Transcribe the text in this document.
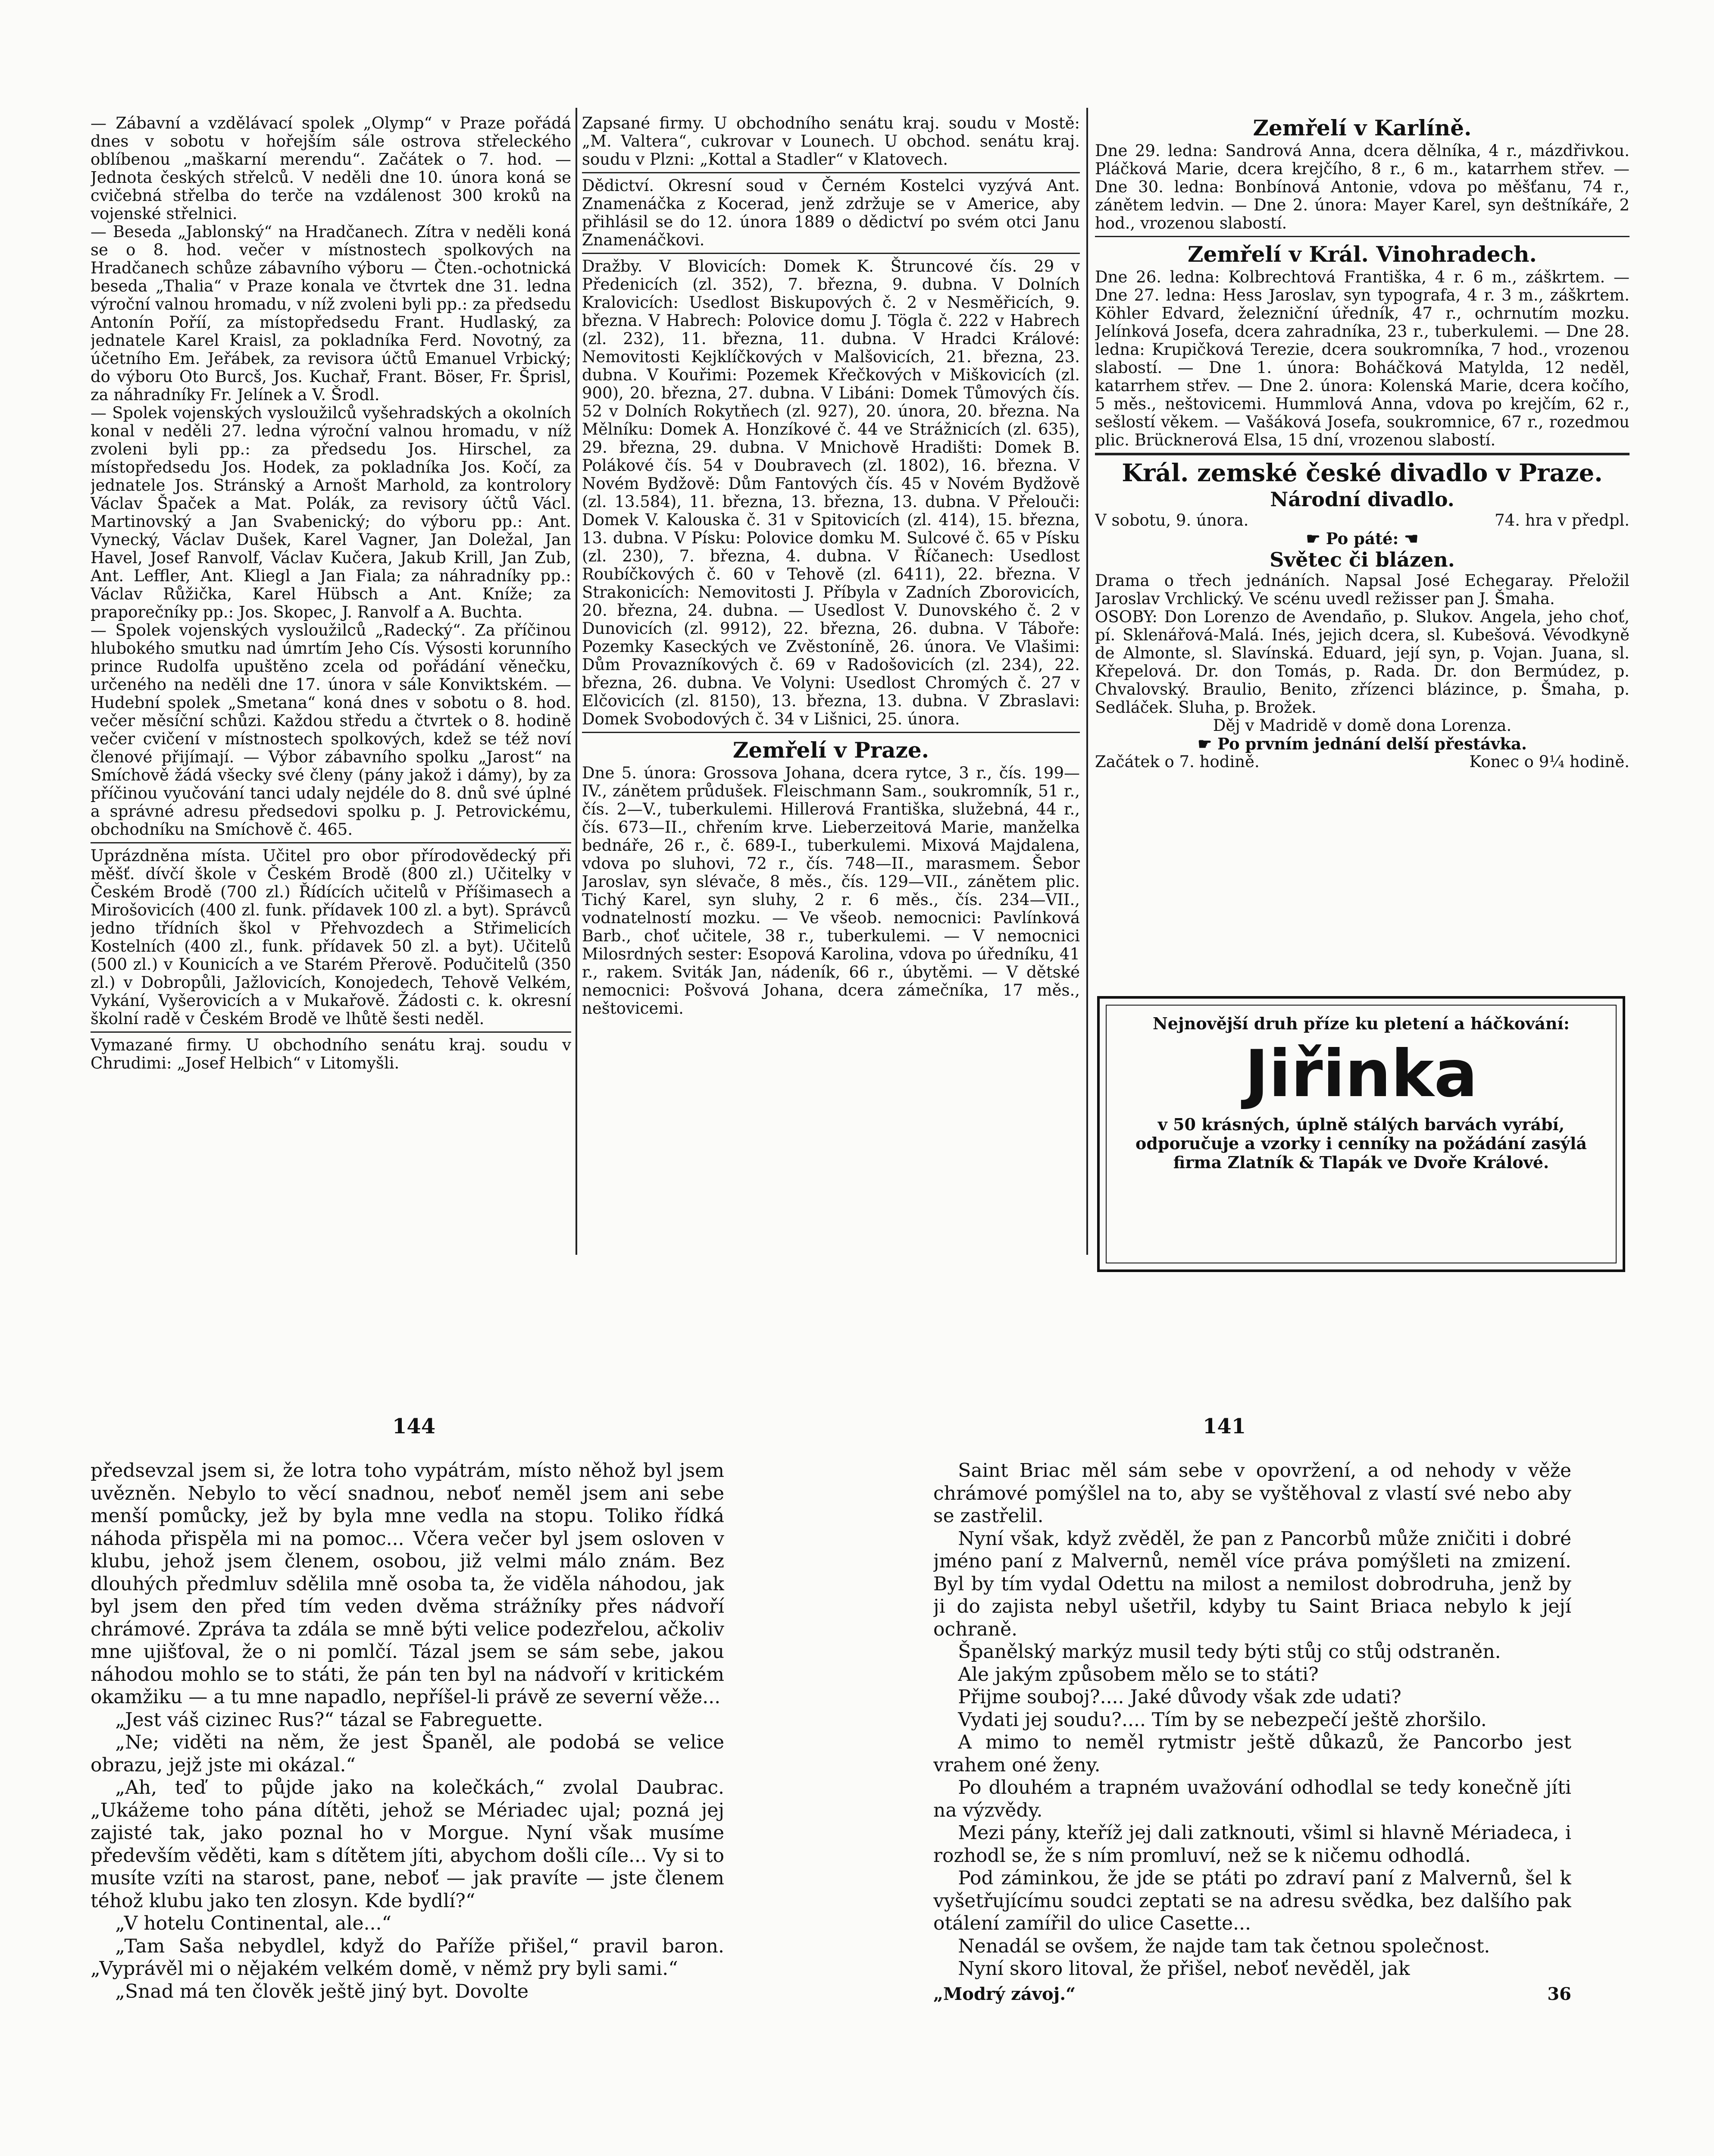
— Zábavní a vzdělávací spolek „Olymp“ v Praze pořádá dnes v sobotu v hořejším sále ostrova střeleckého oblíbenou „maškarní merendu“. Začátek o 7. hod. — Jednota českých střelců. V neděli dne 10. února koná se cvičebná střelba do terče na vzdálenost 300 kroků na vojenské střelnici.

— Beseda „Jablonský“ na Hradčanech. Zítra v neděli koná se o 8. hod. večer v místnostech spolkových na Hradčanech schůze zábavního výboru — Čten.-ochotnická beseda „Thalia“ v Praze konala ve čtvrtek dne 31. ledna výroční valnou hromadu, v níž zvoleni byli pp.: za předsedu Antonín Poříí, za místopředsedu Frant. Hudlaský, za jednatele Karel Kraisl, za pokladníka Ferd. Novotný, za účetního Em. Jeřábek, za revisora účtů Emanuel Vrbický; do výboru Oto Burcš, Jos. Kuchař, Frant. Böser, Fr. Šprisl, za náhradníky Fr. Jelínek a V. Šrodl.

— Spolek vojenských vysloužilců vyšehradských a okolních konal v neděli 27. ledna výroční valnou hromadu, v níž zvoleni byli pp.: za předsedu Jos. Hirschel, za místopředsedu Jos. Hodek, za pokladníka Jos. Kočí, za jednatele Jos. Stránský a Arnošt Marhold, za kontrolory Václav Špaček a Mat. Polák, za revisory účtů Václ. Martinovský a Jan Svabenický; do výboru pp.: Ant. Vynecký, Václav Dušek, Karel Vagner, Jan Doležal, Jan Havel, Josef Ranvolf, Václav Kučera, Jakub Krill, Jan Zub, Ant. Leffler, Ant. Kliegl a Jan Fiala; za náhradníky pp.: Václav Růžička, Karel Hübsch a Ant. Kníže; za praporečníky pp.: Jos. Skopec, J. Ranvolf a A. Buchta.

— Spolek vojenských vysloužilců „Radecký“. Za příčinou hlubokého smutku nad úmrtím Jeho Cís. Výsosti korunního prince Rudolfa upuštěno zcela od pořádání věnečku, určeného na neděli dne 17. února v sále Konviktském. — Hudební spolek „Smetana“ koná dnes v sobotu o 8. hod. večer měsíční schůzi. Každou středu a čtvrtek o 8. hodině večer cvičení v místnostech spolkových, kdež se též noví členové přijímají. — Výbor zábavního spolku „Jarost“ na Smíchově žádá všecky své členy (pány jakož i dámy), by za příčinou vyučování tanci udaly nejdéle do 8. dnů své úplné a správné adresu předsedovi spolku p. J. Petrovickému, obchodníku na Smíchově č. 465.

Uprázdněna místa. Učitel pro obor přírodovědecký při měšť. dívčí škole v Českém Brodě (800 zl.) Učitelky v Českém Brodě (700 zl.) Řídících učitelů v Příšimasech a Mirošovicích (400 zl. funk. přídavek 100 zl. a byt). Správců jedno třídních škol v Přehvozdech a Střimelicích Kostelních (400 zl., funk. přídavek 50 zl. a byt). Učitelů (500 zl.) v Kounicích a ve Starém Přerově. Podučitelů (350 zl.) v Dobropůli, Jažlovicích, Konojedech, Tehově Velkém, Vykání, Vyšerovicích a v Mukařově. Žádosti c. k. okresní školní radě v Českém Brodě ve lhůtě šesti neděl.

Vymazané firmy. U obchodního senátu kraj. soudu v Chrudimi: „Josef Helbich“ v Litomyšli.

Zapsané firmy. U obchodního senátu kraj. soudu v Mostě: „M. Valtera“, cukrovar v Lounech. U obchod. senátu kraj. soudu v Plzni: „Kottal a Stadler“ v Klatovech.

Dědictví. Okresní soud v Černém Kostelci vyzývá Ant. Znamenáčka z Kocerad, jenž zdržuje se v Americe, aby přihlásil se do 12. února 1889 o dědictví po svém otci Janu Znamenáčkovi.

Dražby. V Blovicích: Domek K. Štruncové čís. 29 v Předenicích (zl. 352), 7. března, 9. dubna. V Dolních Kralovicích: Usedlost Biskupových č. 2 v Nesměřicích, 9. března. V Habrech: Polovice domu J. Tögla č. 222 v Habrech (zl. 232), 11. března, 11. dubna. V Hradci Králové: Nemovitosti Kejklíčkových v Malšovicích, 21. března, 23. dubna. V Kouřimi: Pozemek Křečkových v Miškovicích (zl. 900), 20. března, 27. dubna. V Libáni: Domek Tůmových čís. 52 v Dolních Rokytňech (zl. 927), 20. února, 20. března. Na Mělníku: Domek A. Honzíkové č. 44 ve Strážnicích (zl. 635), 29. března, 29. dubna. V Mnichově Hradišti: Domek B. Polákové čís. 54 v Doubravech (zl. 1802), 16. března. V Novém Bydžově: Dům Fantových čís. 45 v Novém Bydžově (zl. 13.584), 11. března, 13. března, 13. dubna. V Přelouči: Domek V. Kalouska č. 31 v Spitovicích (zl. 414), 15. března, 13. dubna. V Písku: Polovice domku M. Sulcové č. 65 v Písku (zl. 230), 7. března, 4. dubna. V Říčanech: Usedlost Roubíčkových č. 60 v Tehově (zl. 6411), 22. března. V Strakonicích: Nemovitosti J. Příbyla v Zadních Zborovicích, 20. března, 24. dubna. — Usedlost V. Dunovského č. 2 v Dunovicích (zl. 9912), 22. března, 26. dubna. V Táboře: Pozemky Kaseckých ve Zvěstoníně, 26. února. Ve Vlašimi: Dům Provazníkových č. 69 v Radošovicích (zl. 234), 22. března, 26. dubna. Ve Volyni: Usedlost Chromých č. 27 v Elčovicích (zl. 8150), 13. března, 13. dubna. V Zbraslavi: Domek Svobodových č. 34 v Lišnici, 25. února.

Zemřelí v Praze.

Dne 5. února: Grossova Johana, dcera rytce, 3 r., čís. 199—IV., zánětem průdušek. Fleischmann Sam., soukromník, 51 r., čís. 2—V., tuberkulemi. Hillerová Františka, služebná, 44 r., čís. 673—II., chřením krve. Lieberzeitová Marie, manželka bednáře, 26 r., č. 689-I., tuberkulemi. Mixová Majdalena, vdova po sluhovi, 72 r., čís. 748—II., marasmem. Šebor Jaroslav, syn slévače, 8 měs., čís. 129—VII., zánětem plic. Tichý Karel, syn sluhy, 2 r. 6 měs., čís. 234—VII., vodnatelností mozku. — Ve všeob. nemocnici: Pavlínková Barb., choť učitele, 38 r., tuberkulemi. — V nemocnici Milosrdných sester: Esopová Karolina, vdova po úředníku, 41 r., rakem. Sviták Jan, nádeník, 66 r., úbytěmi. — V dětské nemocnici: Pošvová Johana, dcera zámečníka, 17 měs., neštovicemi.

Zemřelí v Karlíně.

Dne 29. ledna: Sandrová Anna, dcera dělníka, 4 r., mázdřivkou. Pláčková Marie, dcera krejčího, 8 r., 6 m., katarrhem střev. — Dne 30. ledna: Bonbínová Antonie, vdova po měšťanu, 74 r., zánětem ledvin. — Dne 2. února: Mayer Karel, syn deštníkáře, 2 hod., vrozenou slabostí.

Zemřelí v Král. Vinohradech.

Dne 26. ledna: Kolbrechtová Františka, 4 r. 6 m., záškrtem. — Dne 27. ledna: Hess Jaroslav, syn typografa, 4 r. 3 m., záškrtem. Köhler Edvard, železniční úředník, 47 r., ochrnutím mozku. Jelínková Josefa, dcera zahradníka, 23 r., tuberkulemi. — Dne 28. ledna: Krupičková Terezie, dcera soukromníka, 7 hod., vrozenou slabostí. — Dne 1. února: Boháčková Matylda, 12 neděl, katarrhem střev. — Dne 2. února: Kolenská Marie, dcera kočího, 5 měs., neštovicemi. Hummlová Anna, vdova po krejčím, 62 r., sešlostí věkem. — Vašáková Josefa, soukromnice, 67 r., rozedmou plic. Brücknerová Elsa, 15 dní, vrozenou slabostí.

Král. zemské české divadlo v Praze.
Národní divadlo.
V sobotu, 9. února.	74. hra v předpl.
☛ Po páté: ☚
Světec či blázen.

Drama o třech jednáních. Napsal José Echegaray. Přeložil Jaroslav Vrchlický. Ve scénu uvedl režisser pan J. Šmaha.

OSOBY: Don Lorenzo de Avendaño, p. Slukov. Angela, jeho choť, pí. Sklenářová-Malá. Inés, jejich dcera, sl. Kubešová. Vévodkyně de Almonte, sl. Slavínská. Eduard, její syn, p. Vojan. Juana, sl. Křepelová. Dr. don Tomás, p. Rada. Dr. don Bermúdez, p. Chvalovský. Braulio, Benito, zřízenci blázince, p. Šmaha, p. Sedláček. Sluha, p. Brožek.

Děj v Madridě v domě dona Lorenza.

☛ Po prvním jednání delší přestávka.

Začátek o 7. hodině.	Konec o 9¼ hodině.
Nejnovější druh příze ku pletení a háčkování:
Jiřinka
v 50 krásných, úplně stálých barvách vyrábí, odporučuje a vzorky i cenníky na požádání zasýlá firma Zlatník & Tlapák ve Dvoře Králové.
144	141

předsevzal jsem si, že lotra toho vypátrám, místo něhož byl jsem uvězněn. Nebylo to věcí snadnou, neboť neměl jsem ani sebe menší pomůcky, jež by byla mne vedla na stopu. Toliko řídká náhoda přispěla mi na pomoc... Včera večer byl jsem osloven v klubu, jehož jsem členem, osobou, již velmi málo znám. Bez dlouhých předmluv sdělila mně osoba ta, že viděla náhodou, jak byl jsem den před tím veden dvěma strážníky přes nádvoří chrámové. Zpráva ta zdála se mně býti velice podezřelou, ačkoliv mne ujišťoval, že o ni pomlčí. Tázal jsem se sám sebe, jakou náhodou mohlo se to státi, že pán ten byl na nádvoří v kritickém okamžiku — a tu mne napadlo, nepříšel-li právě ze severní věže...

„Jest váš cizinec Rus?“ tázal se Fabreguette.

„Ne; viděti na něm, že jest Španěl, ale podobá se velice obrazu, jejž jste mi okázal.“

„Ah, teď to půjde jako na kolečkách,“ zvolal Daubrac. „Ukážeme toho pána dítěti, jehož se Mériadec ujal; pozná jej zajisté tak, jako poznal ho v Morgue. Nyní však musíme především věděti, kam s dítětem jíti, abychom došli cíle... Vy si to musíte vzíti na starost, pane, neboť — jak pravíte — jste členem téhož klubu jako ten zlosyn. Kde bydlí?“

„V hotelu Continental, ale...“

„Tam Saša nebydlel, když do Paříže přišel,“ pravil baron. „Vyprávěl mi o nějakém velkém domě, v němž pry byli sami.“

„Snad má ten člověk ještě jiný byt. Dovolte

Saint Briac měl sám sebe v opovržení, a od nehody v věže chrámové pomýšlel na to, aby se vyštěhoval z vlastí své nebo aby se zastřelil.

Nyní však, když zvěděl, že pan z Pancorbů může zničiti i dobré jméno paní z Malvernů, neměl více práva pomýšleti na zmizení. Byl by tím vydal Odettu na milost a nemilost dobrodruha, jenž by ji do zajista nebyl ušetřil, kdyby tu Saint Briaca nebylo k její ochraně.

Španělský markýz musil tedy býti stůj co stůj odstraněn.

Ale jakým způsobem mělo se to státi?

Přijme souboj?.... Jaké důvody však zde udati?

Vydati jej soudu?.... Tím by se nebezpečí ještě zhoršilo.

A mimo to neměl rytmistr ještě důkazů, že Pancorbo jest vrahem oné ženy.

Po dlouhém a trapném uvažování odhodlal se tedy konečně jíti na výzvědy.

Mezi pány, kteříž jej dali zatknouti, všiml si hlavně Mériadeca, i rozhodl se, že s ním promluví, než se k ničemu odhodlá.

Pod záminkou, že jde se ptáti po zdraví paní z Malvernů, šel k vyšetřujícímu soudci zeptati se na adresu svědka, bez dalšího pak otálení zamířil do ulice Casette...

Nenadál se ovšem, že najde tam tak četnou společnost.

Nyní skoro litoval, že přišel, neboť nevěděl, jak

„Modrý závoj.“	36
